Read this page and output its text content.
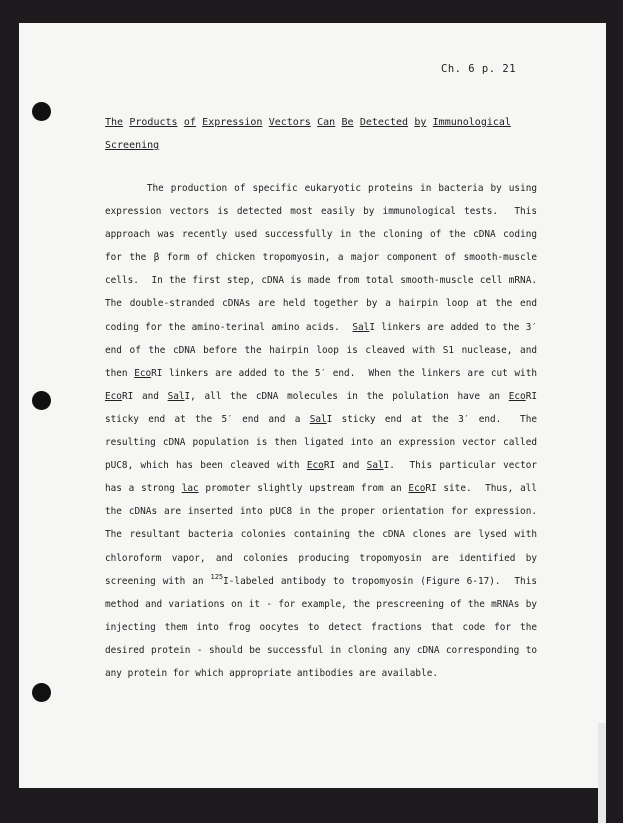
Ch. 6 p. 21
The Products of Expression Vectors Can Be Detected by Immunological
Screening
The production of specific eukaryotic proteins in bacteria by using
expression vectors is detected most easily by immunological tests.  This
approach was recently used successfully in the cloning of the cDNA coding
for the β form of chicken tropomyosin, a major component of smooth-muscle
cells.  In the first step, cDNA is made from total smooth-muscle cell mRNA.
The double-stranded cDNAs are held together by a hairpin loop at the end
coding for the amino-terinal amino acids.  SalI linkers are added to the 3′
end of the cDNA before the hairpin loop is cleaved with S1 nuclease, and
then EcoRI linkers are added to the 5′ end.  When the linkers are cut with
EcoRI and SalI, all the cDNA molecules in the polulation have an EcoRI
sticky end at the 5′ end and a SalI sticky end at the 3′ end.  The
resulting cDNA population is then ligated into an expression vector called
pUC8, which has been cleaved with EcoRI and SalI.  This particular vector
has a strong lac promoter slightly upstream from an EcoRI site.  Thus, all
the cDNAs are inserted into pUC8 in the proper orientation for expression.
The resultant bacteria colonies containing the cDNA clones are lysed with
chloroform vapor, and colonies producing tropomyosin are identified by
screening with an $^{125}$I-labeled antibody to tropomyosin (Figure 6-17).  This
method and variations on it - for example, the prescreening of the mRNAs by
injecting them into frog oocytes to detect fractions that code for the
desired protein - should be successful in cloning any cDNA corresponding to
any protein for which appropriate antibodies are available.
